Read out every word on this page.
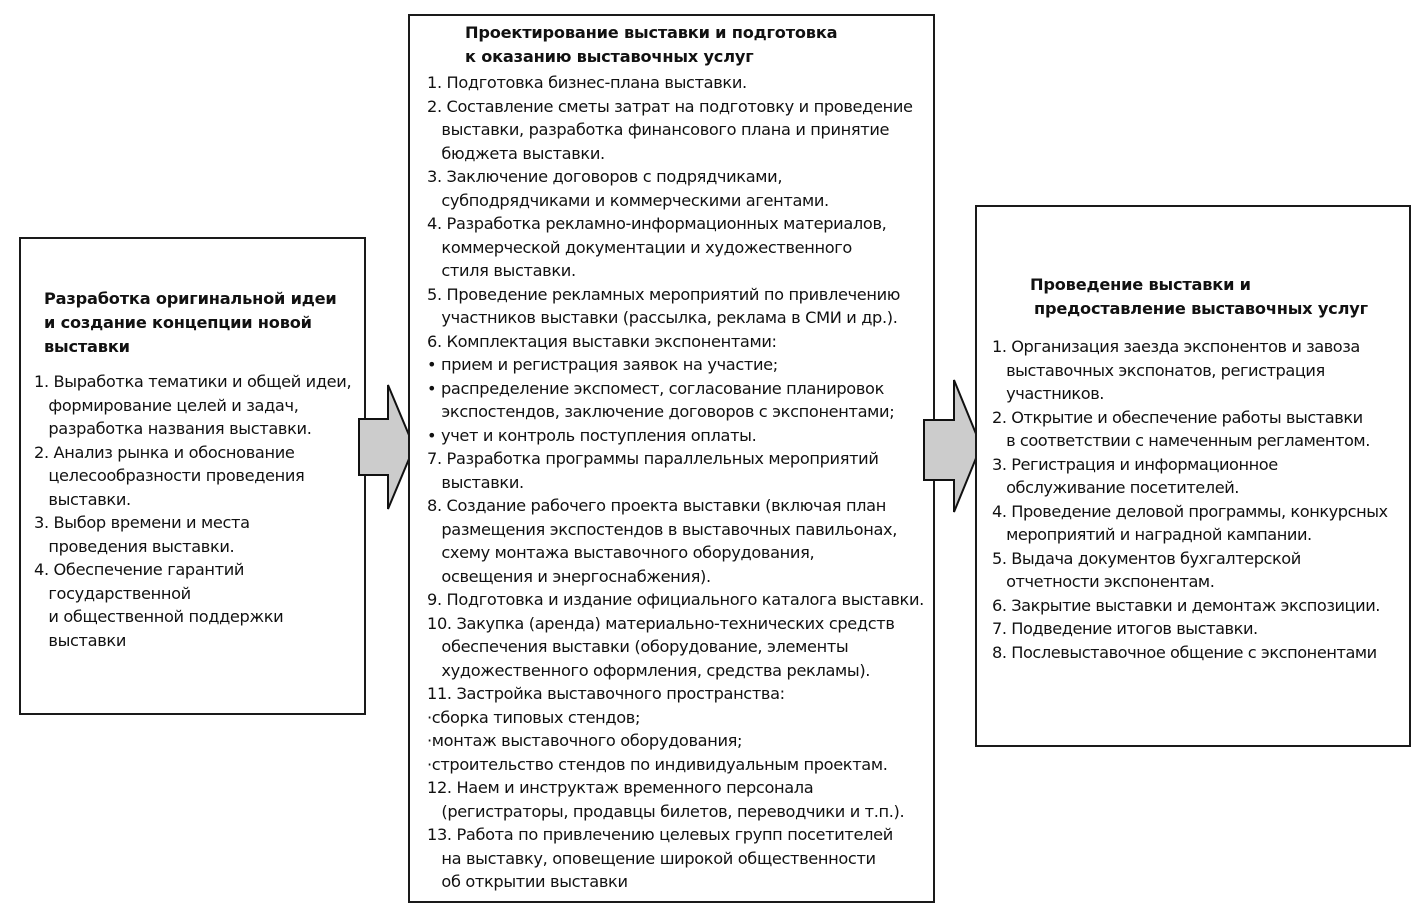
Разработка оригинальной идеи
и создание концепции новой
выставки
1. Выработка тематики и общей идеи,
формирование целей и задач,
разработка названия выставки.
2. Анализ рынка и обоснование
целесообразности проведения
выставки.
3. Выбор времени и места
проведения выставки.
4. Обеспечение гарантий
государственной
и общественной поддержки
выставки
Проектирование выставки и подготовка
к оказанию выставочных услуг
1. Подготовка бизнес-плана выставки.
2. Составление сметы затрат на подготовку и проведение
выставки, разработка финансового плана и принятие
бюджета выставки.
3. Заключение договоров с подрядчиками,
субподрядчиками и коммерческими агентами.
4. Разработка рекламно-информационных материалов,
коммерческой документации и художественного
стиля выставки.
5. Проведение рекламных мероприятий по привлечению
участников выставки (рассылка, реклама в СМИ и др.).
6. Комплектация выставки экспонентами:
• прием и регистрация заявок на участие;
• распределение экспомест, согласование планировок
экспостендов, заключение договоров с экспонентами;
• учет и контроль поступления оплаты.
7. Разработка программы параллельных мероприятий
выставки.
8. Создание рабочего проекта выставки (включая план
размещения экспостендов в выставочных павильонах,
схему монтажа выставочного оборудования,
освещения и энергоснабжения).
9. Подготовка и издание официального каталога выставки.
10. Закупка (аренда) материально-технических средств
обеспечения выставки (оборудование, элементы
художественного оформления, средства рекламы).
11. Застройка выставочного пространства:
·сборка типовых стендов;
·монтаж выставочного оборудования;
·строительство стендов по индивидуальным проектам.
12. Наем и инструктаж временного персонала
(регистраторы, продавцы билетов, переводчики и т.п.).
13. Работа по привлечению целевых групп посетителей
на выставку, оповещение широкой общественности
об открытии выставки
Проведение выставки и
предоставление выставочных услуг
1. Организация заезда экспонентов и завоза
выставочных экспонатов, регистрация
участников.
2. Открытие и обеспечение работы выставки
в соответствии с намеченным регламентом.
3. Регистрация и информационное
обслуживание посетителей.
4. Проведение деловой программы, конкурсных
мероприятий и наградной кампании.
5. Выдача документов бухгалтерской
отчетности экспонентам.
6. Закрытие выставки и демонтаж экспозиции.
7. Подведение итогов выставки.
8. Послевыставочное общение с экспонентами
